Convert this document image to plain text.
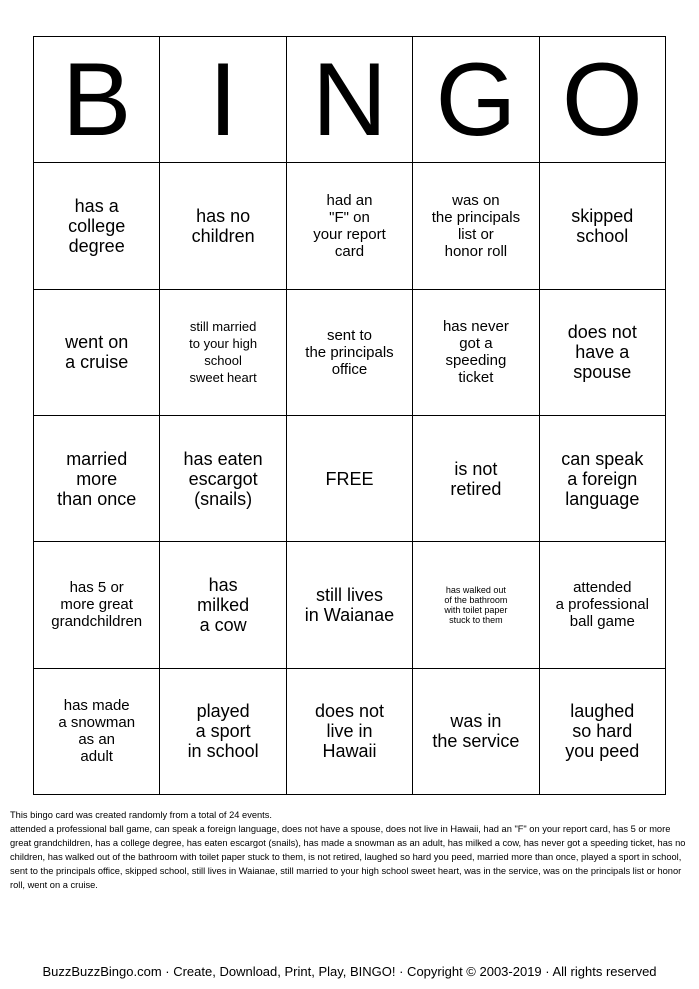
B I N G O
has a
college
degree
has no
children
had an
"F" on
your report
card
was on
the principals
list or
honor roll
skipped
school
went on
a cruise
still married
to your high
school
sweet heart
sent to
the principals
office
has never
got a
speeding
ticket
does not
have a
spouse
married
more
than once
has eaten
escargot
(snails)
FREE	is not
retired
can speak
a foreign
language
has 5 or
more great
grandchildren
has
milked
a cow
still lives
in Waianae
has walked out
of the bathroom
with toilet paper
stuck to them
attended
a professional
ball game
has made
a snowman
as an
adult
played
a sport
in school
does not
live in
Hawaii
was in
the service
laughed
so hard
you peed
This bingo card was created randomly from a total of 24 events.
attended a professional ball game, can speak a foreign language, does not have a spouse, does not live in Hawaii, had an "F" on your report card, has 5 or more great grandchildren, has a college degree, has eaten escargot (snails), has made a snowman as an adult, has milked a cow, has never got a speeding ticket, has no children, has walked out of the bathroom with toilet paper stuck to them, is not retired, laughed so hard you peed, married more than once, played a sport in school, sent to the principals office, skipped school, still lives in Waianae, still married to your high school sweet heart, was in the service, was on the principals list or honor roll, went on a cruise.
BuzzBuzzBingo.com · Create, Download, Print, Play, BINGO! · Copyright © 2003-2019 · All rights reserved
